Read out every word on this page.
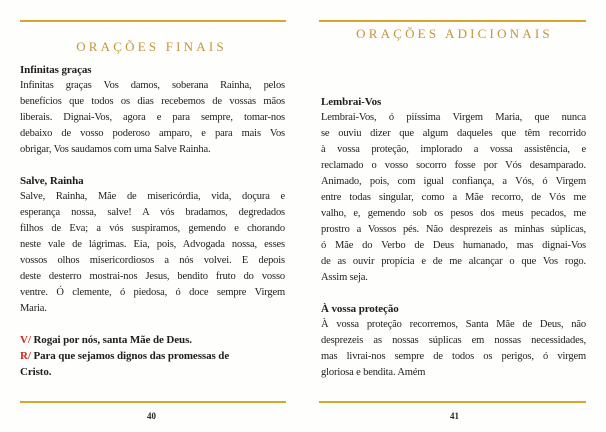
ORAÇÕES FINAIS
Infinitas graças
Infinitas graças Vos damos, soberana Rainha, pelos
benefícios que todos os dias recebemos de vossas mãos
liberais. Dignai-Vos, agora e para sempre, tomar-nos
debaixo de vosso poderoso amparo, e para mais Vos
obrigar, Vos saudamos com uma Salve Rainha.
Salve, Rainha
Salve, Rainha, Mãe de misericórdia, vida, doçura e
esperança nossa, salve! A vós bradamos, degredados
filhos de Eva; a vós suspiramos, gemendo e chorando
neste vale de lágrimas. Eia, pois, Advogada nossa, esses
vossos olhos misericordiosos a nós volvei. E depois
deste desterro mostrai-nos Jesus, bendito fruto do vosso
ventre. Ó clemente, ó piedosa, ó doce sempre Virgem
Maria.
V/ Rogai por nós, santa Mãe de Deus.
R/ Para que sejamos dignos das promessas de
Cristo.
40
ORAÇÕES ADICIONAIS
Lembrai-Vos
Lembrai-Vos, ó piíssima Virgem Maria, que nunca
se ouviu dizer que algum daqueles que têm recorrido
à vossa proteção, implorado a vossa assistência, e
reclamado o vosso socorro fosse por Vós desamparado.
Animado, pois, com igual confiança, a Vós, ó Virgem
entre todas singular, como a Mãe recorro, de Vós me
valho, e, gemendo sob os pesos dos meus pecados, me
prostro a Vossos pés. Não desprezeis as minhas súplicas,
ó Mãe do Verbo de Deus humanado, mas dignai-Vos
de as ouvir propícia e de me alcançar o que Vos rogo.
Assim seja.
À vossa proteção
À vossa proteção recorremos, Santa Mãe de Deus, não
desprezeis as nossas súplicas em nossas necessidades,
mas livrai-nos sempre de todos os perigos, ó virgem
gloriosa e bendita. Amém
41
